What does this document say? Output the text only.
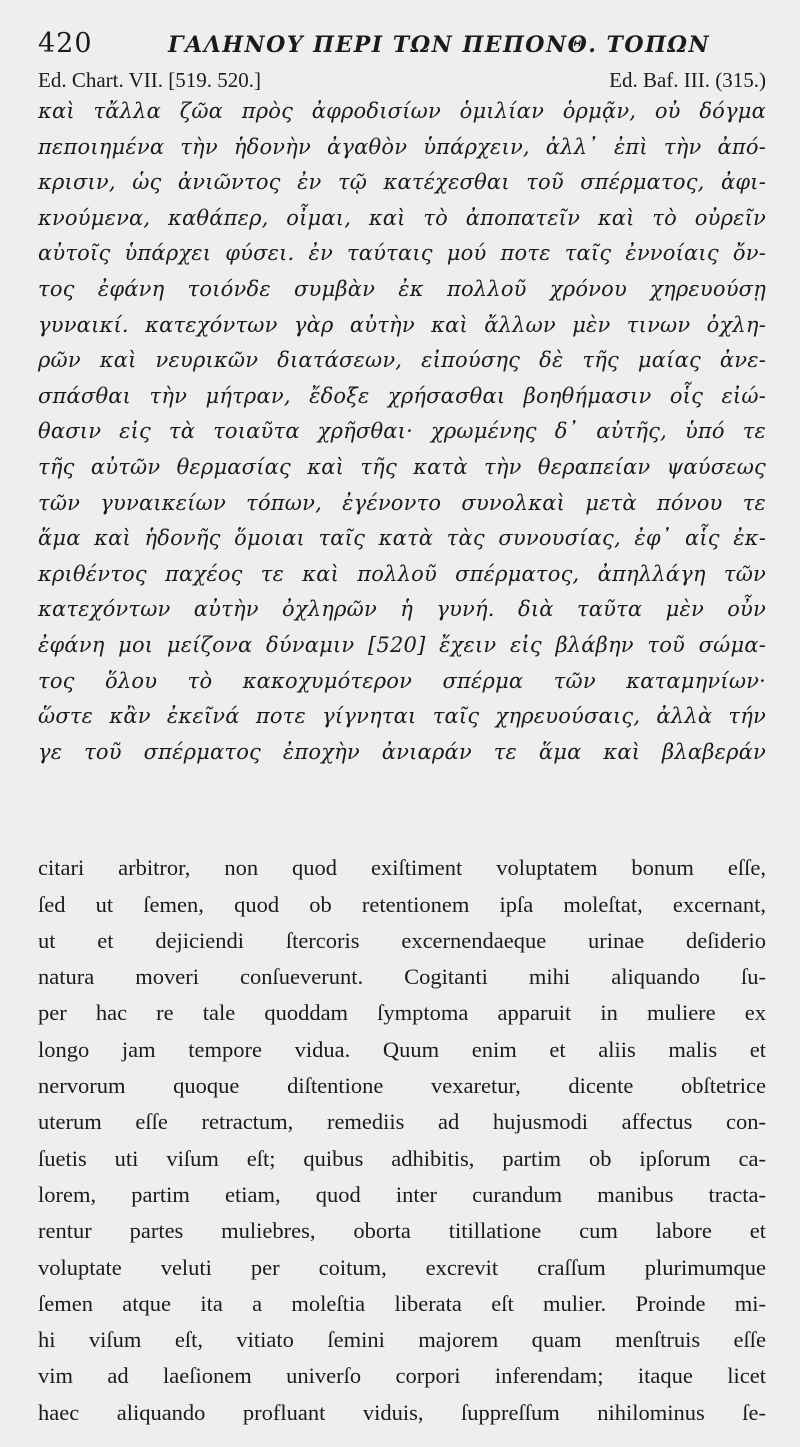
420	ΓΑΛΗΝΟΥ ΠΕΡΙ ΤΩΝ ΠΕΠΟΝΘ. ΤΟΠΩΝ
Ed. Chart. VII. [519. 520.]	Ed. Baf. III. (315.)
καὶ τἄλλα ζῶα πρὸς ἀφροδισίων ὁμιλίαν ὁρμᾷν, οὐ δόγμα
πεποιημένα τὴν ἡδονὴν ἀγαθὸν ὑπάρχειν, ἀλλ᾽ ἐπὶ τὴν ἀπό-
κρισιν, ὡς ἀνιῶντος ἐν τῷ κατέχεσθαι τοῦ σπέρματος, ἀφι-
κνούμενα, καθάπερ, οἶμαι, καὶ τὸ ἀποπατεῖν καὶ τὸ οὐρεῖν
αὐτοῖς ὑπάρχει φύσει. ἐν ταύταις μού ποτε ταῖς ἐννοίαις ὄν-
τος ἐφάνη τοιόνδε συμβὰν ἐκ πολλοῦ χρόνου χηρευούσῃ
γυναικί. κατεχόντων γὰρ αὐτὴν καὶ ἄλλων μὲν τινων ὀχλη-
ρῶν καὶ νευρικῶν διατάσεων, εἰπούσης δὲ τῆς μαίας ἀνε-
σπάσθαι τὴν μήτραν, ἔδοξε χρήσασθαι βοηθήμασιν οἷς εἰώ-
θασιν εἰς τὰ τοιαῦτα χρῆσθαι· χρωμένης δ᾽ αὐτῆς, ὑπό τε
τῆς αὐτῶν θερμασίας καὶ τῆς κατὰ τὴν θεραπείαν ψαύσεως
τῶν γυναικείων τόπων, ἐγένοντο συνολκαὶ μετὰ πόνου τε
ἅμα καὶ ἡδονῆς ὅμοιαι ταῖς κατὰ τὰς συνουσίας, ἐφ᾽ αἷς ἐκ-
κριθέντος παχέος τε καὶ πολλοῦ σπέρματος, ἀπηλλάγη τῶν
κατεχόντων αὐτὴν ὀχληρῶν ἡ γυνή. διὰ ταῦτα μὲν οὖν
ἐφάνη μοι μείζονα δύναμιν [520] ἔχειν εἰς βλάβην τοῦ σώμα-
τος ὅλου τὸ κακοχυμότερον σπέρμα τῶν καταμηνίων·
ὥστε κἂν ἐκεῖνά ποτε γίγνηται ταῖς χηρευούσαις, ἀλλὰ τήν
γε τοῦ σπέρματος ἐποχὴν ἀνιαράν τε ἅμα καὶ βλαβεράν
citari arbitror, non quod exiſtiment voluptatem bonum eſſe,
ſed ut ſemen, quod ob retentionem ipſa moleſtat, excernant,
ut et dejiciendi ſtercoris excernendaeque urinae deſiderio
natura moveri conſueverunt. Cogitanti mihi aliquando ſu-
per hac re tale quoddam ſymptoma apparuit in muliere ex
longo jam tempore vidua. Quum enim et aliis malis et
nervorum quoque diſtentione vexaretur, dicente obſtetrice
uterum eſſe retractum, remediis ad hujusmodi affectus con-
ſuetis uti viſum eſt; quibus adhibitis, partim ob ipſorum ca-
lorem, partim etiam, quod inter curandum manibus tracta-
rentur partes muliebres, oborta titillatione cum labore et
voluptate veluti per coitum, excrevit craſſum plurimumque
ſemen atque ita a moleſtia liberata eſt mulier. Proinde mi-
hi viſum eſt, vitiato ſemini majorem quam menſtruis eſſe
vim ad laeſionem univerſo corpori inferendam; itaque licet
haec aliquando profluant viduis, ſuppreſſum nihilominus ſe-
